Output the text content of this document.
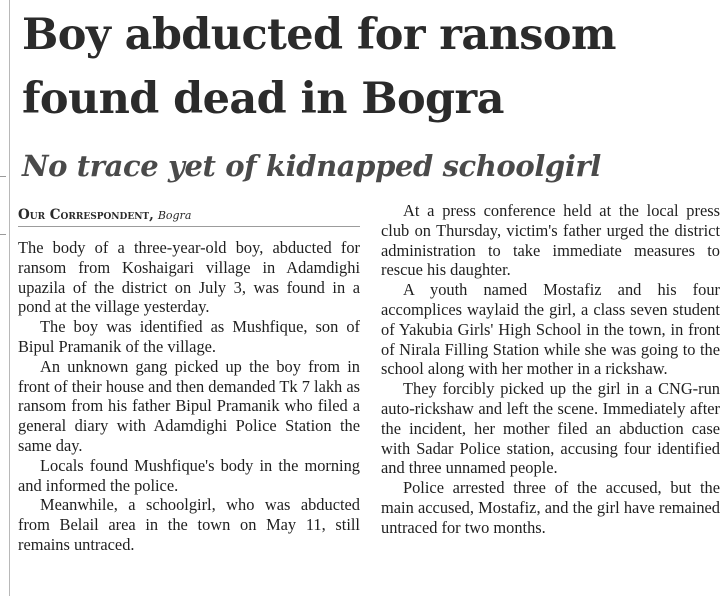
Boy abducted for ransom
found dead in Bogra
No trace yet of kidnapped schoolgirl
Our Correspondent, Bogra

The body of a three-year-old boy, abducted for ransom from Koshaigari village in Adamdighi upazila of the district on July 3, was found in a pond at the village yesterday.

The boy was identified as Mushfique, son of Bipul Pramanik of the village.

An unknown gang picked up the boy from in front of their house and then demanded Tk 7 lakh as ransom from his father Bipul Pramanik who filed a general diary with Adamdighi Police Station the same day.

Locals found Mushfique's body in the morning and informed the police.

Meanwhile, a schoolgirl, who was abducted from Belail area in the town on May 11, still remains untraced.

At a press conference held at the local press club on Thursday, victim's father urged the district administration to take immediate measures to rescue his daughter.

A youth named Mostafiz and his four accomplices waylaid the girl, a class seven student of Yakubia Girls' High School in the town, in front of Nirala Filling Station while she was going to the school along with her mother in a rickshaw.

They forcibly picked up the girl in a CNG-run auto-rickshaw and left the scene. Immediately after the incident, her mother filed an abduction case with Sadar Police station, accusing four identified and three unnamed people.

Police arrested three of the accused, but the main accused, Mostafiz, and the girl have remained untraced for two months.
